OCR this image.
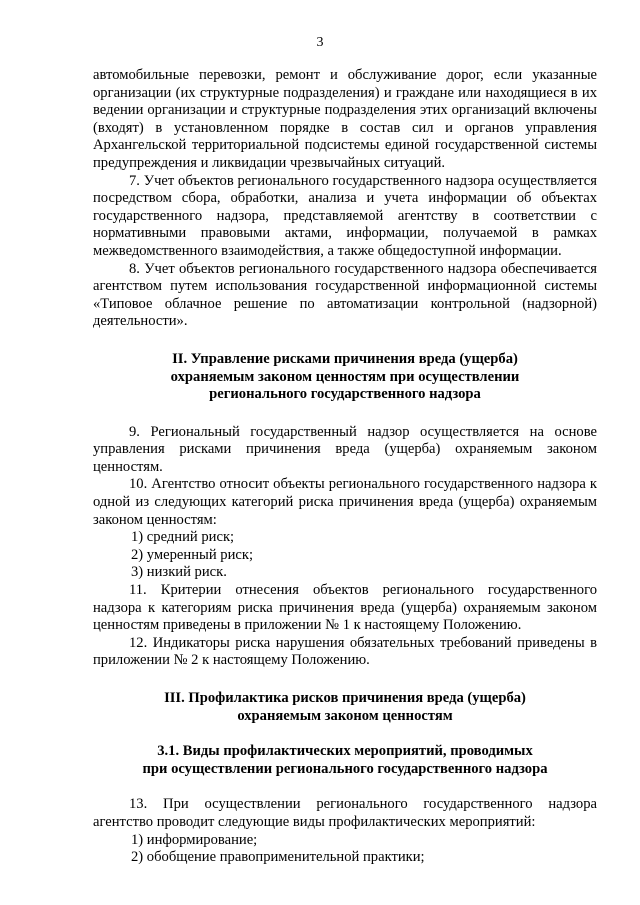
3

автомобильные перевозки, ремонт и обслуживание дорог, если указанные организации (их структурные подразделения) и граждане или находящиеся в их ведении организации и структурные подразделения этих организаций включены (входят) в установленном порядке в состав сил и органов управления Архангельской территориальной подсистемы единой государственной системы предупреждения и ликвидации чрезвычайных ситуаций.

7. Учет объектов регионального государственного надзора осуществляется посредством сбора, обработки, анализа и учета информации об объектах государственного надзора, представляемой агентству в соответствии с нормативными правовыми актами, информации, получаемой в рамках межведомственного взаимодействия, а также общедоступной информации.

8. Учет объектов регионального государственного надзора обеспечивается агентством путем использования государственной информационной системы «Типовое облачное решение по автоматизации контрольной (надзорной) деятельности».

II. Управление рисками причинения вреда (ущерба)

охраняемым законом ценностям при осуществлении

регионального государственного надзора

9. Региональный государственный надзор осуществляется на основе управления рисками причинения вреда (ущерба) охраняемым законом ценностям.

10. Агентство относит объекты регионального государственного надзора к одной из следующих категорий риска причинения вреда (ущерба) охраняемым законом ценностям:

1) средний риск;

2) умеренный риск;

3) низкий риск.

11. Критерии отнесения объектов регионального государственного надзора к категориям риска причинения вреда (ущерба) охраняемым законом ценностям приведены в приложении № 1 к настоящему Положению.

12. Индикаторы риска нарушения обязательных требований приведены в приложении № 2 к настоящему Положению.

III. Профилактика рисков причинения вреда (ущерба)

охраняемым законом ценностям

3.1. Виды профилактических мероприятий, проводимых

при осуществлении регионального государственного надзора

13. При осуществлении регионального государственного надзора агентство проводит следующие виды профилактических мероприятий:

1) информирование;

2) обобщение правоприменительной практики;
